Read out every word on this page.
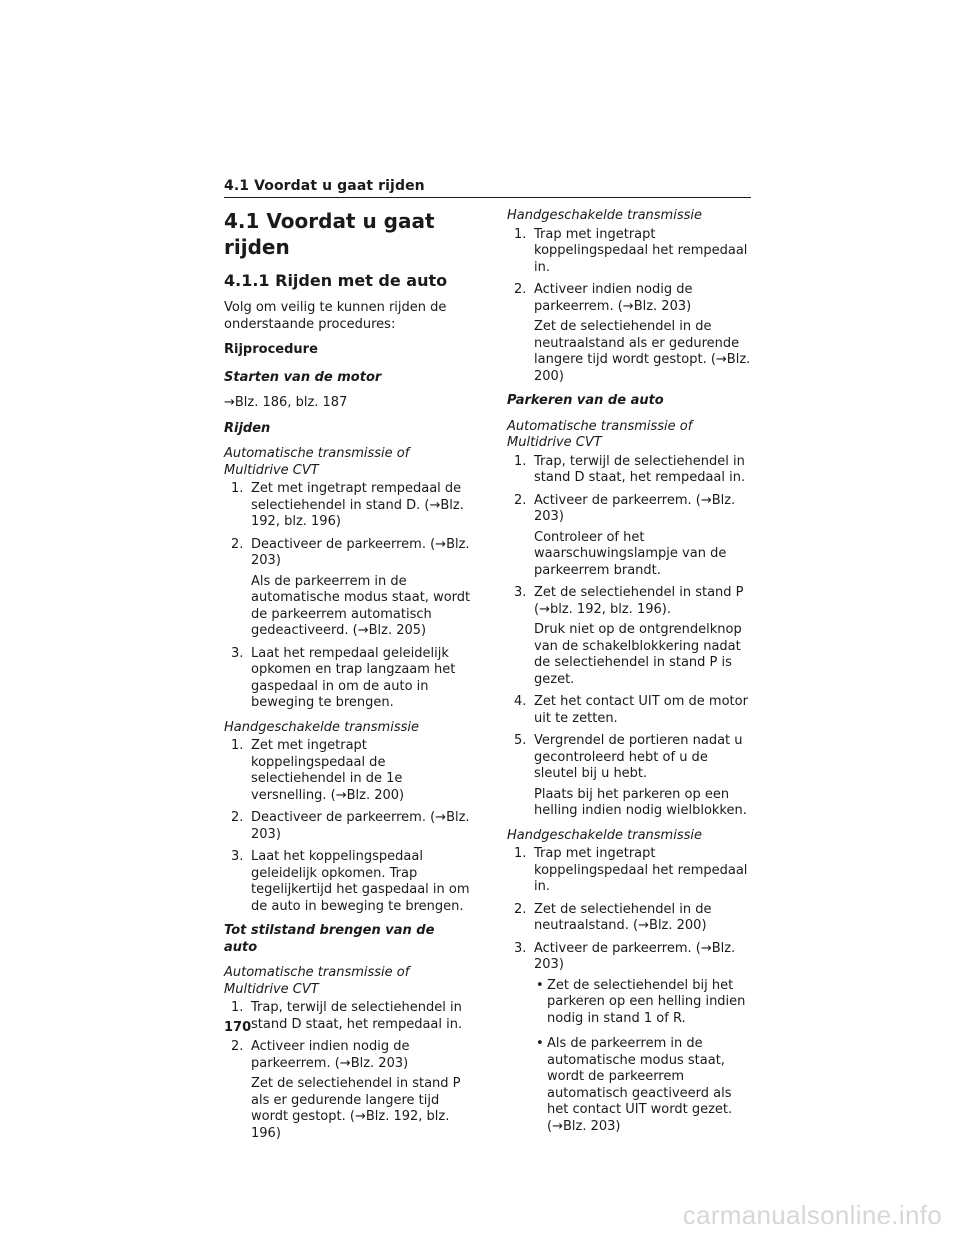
4.1 Voordat u gaat rijden
4.1 Voordat u gaat rijden
4.1.1 Rijden met de auto

Volg om veilig te kunnen rijden de onderstaande procedures:

Rijprocedure

Starten van de motor

→Blz. 186, blz. 187

Rijden

Automatische transmissie of Multidrive CVT

1. Zet met ingetrapt rempedaal de selectiehendel in stand D. (→Blz. 192, blz. 196)
2. Deactiveer de parkeerrem. (→Blz. 203)
Als de parkeerrem in de automatische modus staat, wordt de parkeerrem automatisch gedeactiveerd. (→Blz. 205)
3. Laat het rempedaal geleidelijk opkomen en trap langzaam het gaspedaal in om de auto in beweging te brengen.

Handgeschakelde transmissie

1. Zet met ingetrapt koppelingspedaal de selectiehendel in de 1e versnelling. (→Blz. 200)
2. Deactiveer de parkeerrem. (→Blz. 203)
3. Laat het koppelingspedaal geleidelijk opkomen. Trap tegelijkertijd het gaspedaal in om de auto in beweging te brengen.

Tot stilstand brengen van de auto

Automatische transmissie of Multidrive CVT

1. Trap, terwijl de selectiehendel in stand D staat, het rempedaal in.
2. Activeer indien nodig de parkeerrem. (→Blz. 203)
Zet de selectiehendel in stand P als er gedurende langere tijd wordt gestopt. (→Blz. 192, blz. 196)

Handgeschakelde transmissie

1. Trap met ingetrapt koppelingspedaal het rempedaal in.
2. Activeer indien nodig de parkeerrem. (→Blz. 203)
Zet de selectiehendel in de neutraalstand als er gedurende langere tijd wordt gestopt. (→Blz. 200)

Parkeren van de auto

Automatische transmissie of Multidrive CVT

1. Trap, terwijl de selectiehendel in stand D staat, het rempedaal in.
2. Activeer de parkeerrem. (→Blz. 203)
Controleer of het waarschuwingslampje van de parkeerrem brandt.
3. Zet de selectiehendel in stand P (→blz. 192, blz. 196).
Druk niet op de ontgrendelknop van de schakelblokkering nadat de selectiehendel in stand P is gezet.
4. Zet het contact UIT om de motor uit te zetten.
5. Vergrendel de portieren nadat u gecontroleerd hebt of u de sleutel bij u hebt.
Plaats bij het parkeren op een helling indien nodig wielblokken.

Handgeschakelde transmissie

1. Trap met ingetrapt koppelingspedaal het rempedaal in.
2. Zet de selectiehendel in de neutraalstand. (→Blz. 200)
3. Activeer de parkeerrem. (→Blz. 203)
• Zet de selectiehendel bij het parkeren op een helling indien nodig in stand 1 of R.
• Als de parkeerrem in de automatische modus staat, wordt de parkeerrem automatisch geactiveerd als het contact UIT wordt gezet. (→Blz. 203)
170
carmanualsonline.info
